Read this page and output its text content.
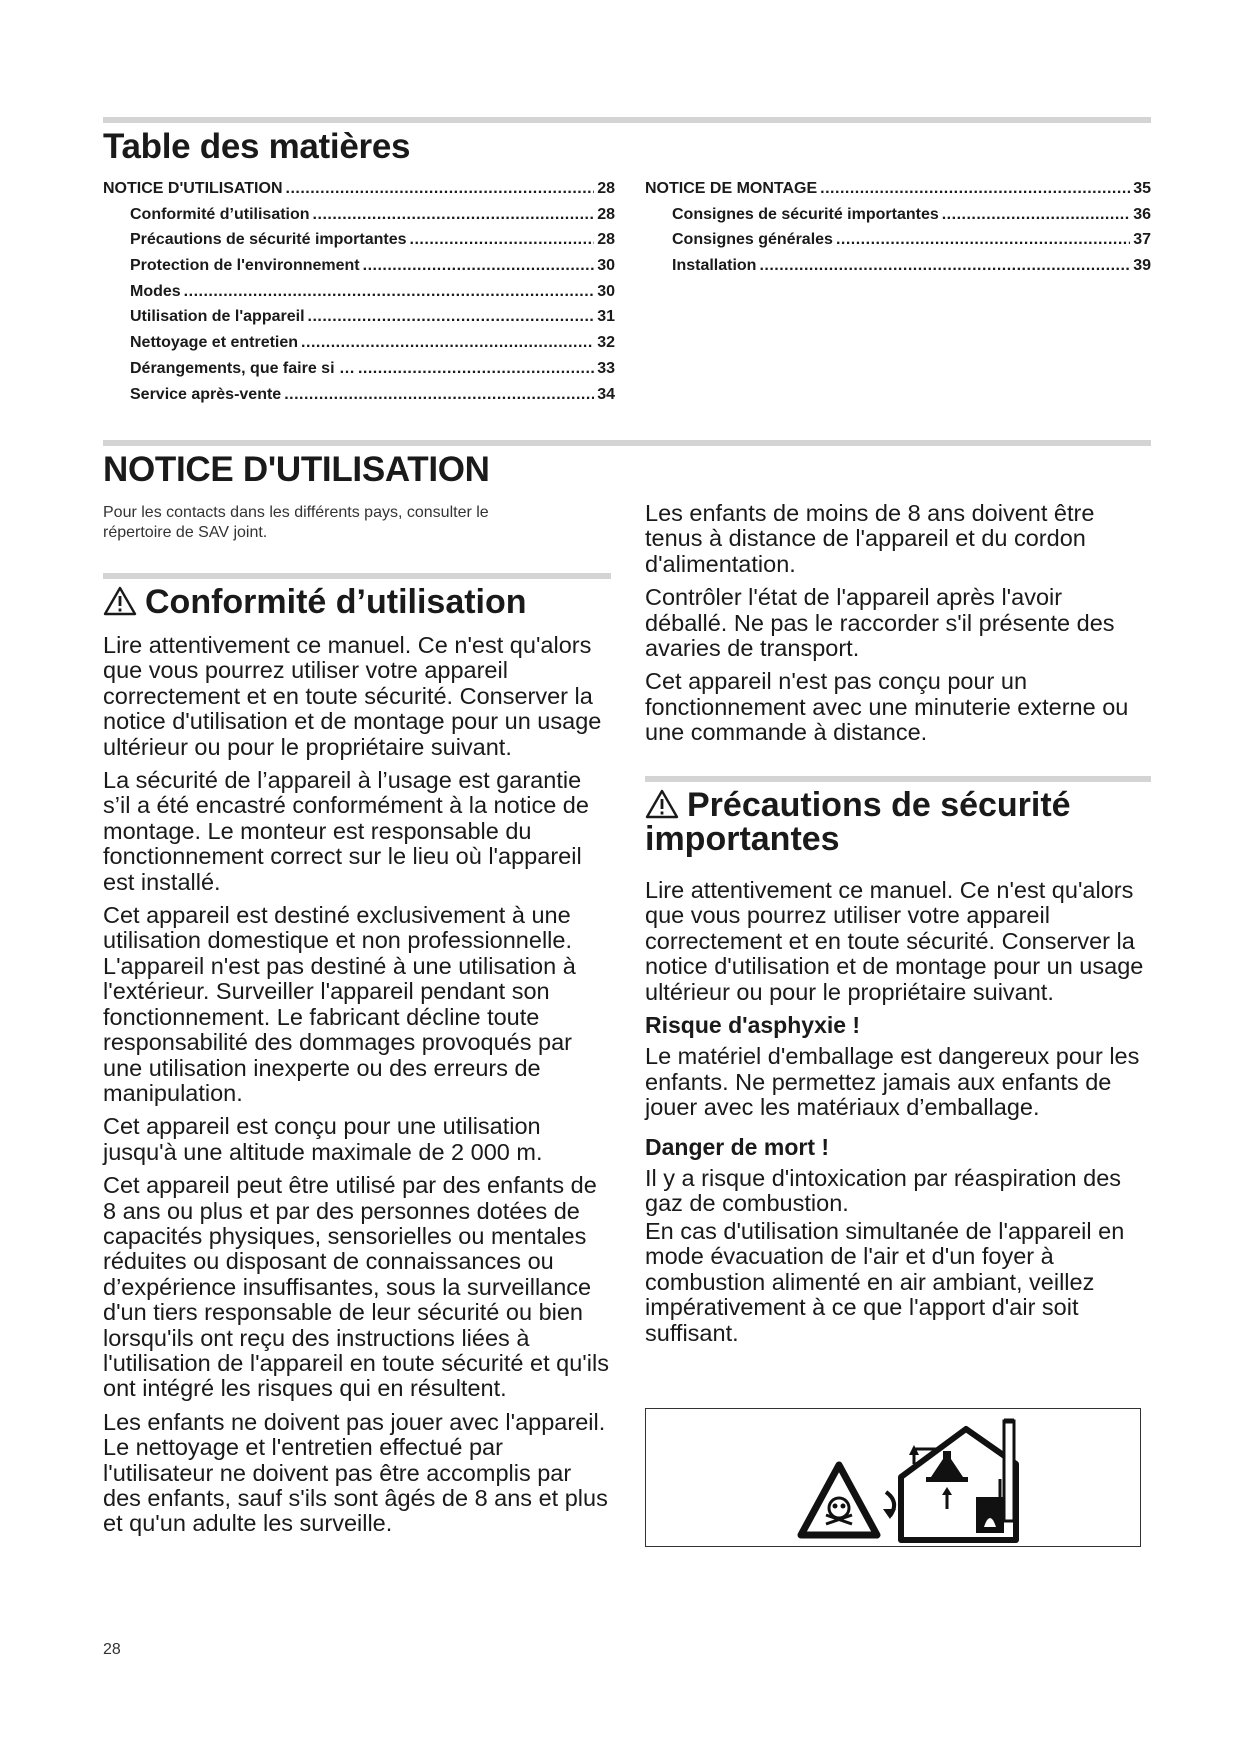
Table des matières
NOTICE D'UTILISATION .....	28
Conformité d’utilisation .....	28
Précautions de sécurité importantes .....	28
Protection de l'environnement .....	30
Modes .....	30
Utilisation de l'appareil .....	31
Nettoyage et entretien .....	32
Dérangements, que faire si … .....	33
Service après-vente .....	34
NOTICE DE MONTAGE .....	35
Consignes de sécurité importantes .....	36
Consignes générales .....	37
Installation .....	39
NOTICE D'UTILISATION
Pour les contacts dans les différents pays, consulter le répertoire de SAV joint.
Conformité d’utilisation

Lire attentivement ce manuel. Ce n'est qu'alors que vous pourrez utiliser votre appareil correctement et en toute sécurité. Conserver la notice d'utilisation et de montage pour un usage ultérieur ou pour le propriétaire suivant.

La sécurité de l’appareil à l’usage est garantie s’il a été encastré conformément à la notice de montage. Le monteur est responsable du fonctionnement correct sur le lieu où l'appareil est installé.

Cet appareil est destiné exclusivement à une utilisation domestique et non professionnelle. L'appareil n'est pas destiné à une utilisation à l'extérieur. Surveiller l'appareil pendant son fonctionnement. Le fabricant décline toute responsabilité des dommages provoqués par une utilisation inexperte ou des erreurs de manipulation.

Cet appareil est conçu pour une utilisation jusqu'à une altitude maximale de 2 000 m.

Cet appareil peut être utilisé par des enfants de 8 ans ou plus et par des personnes dotées de capacités physiques, sensorielles ou mentales réduites ou disposant de connaissances ou d’expérience insuffisantes, sous la surveillance d'un tiers responsable de leur sécurité ou bien lorsqu'ils ont reçu des instructions liées à l'utilisation de l'appareil en toute sécurité et qu'ils ont intégré les risques qui en résultent.

Les enfants ne doivent pas jouer avec l'appareil. Le nettoyage et l'entretien effectué par l'utilisateur ne doivent pas être accomplis par des enfants, sauf s'ils sont âgés de 8 ans et plus et qu'un adulte les surveille.

Les enfants de moins de 8 ans doivent être tenus à distance de l'appareil et du cordon d'alimentation.

Contrôler l'état de l'appareil après l'avoir déballé. Ne pas le raccorder s'il présente des avaries de transport.

Cet appareil n'est pas conçu pour un fonctionnement avec une minuterie externe ou une commande à distance.

Précautions de sécurité importantes

Lire attentivement ce manuel. Ce n'est qu'alors que vous pourrez utiliser votre appareil correctement et en toute sécurité. Conserver la notice d'utilisation et de montage pour un usage ultérieur ou pour le propriétaire suivant.

Risque d'asphyxie !

Le matériel d'emballage est dangereux pour les enfants. Ne permettez jamais aux enfants de jouer avec les matériaux d’emballage.

Danger de mort !

Il y a risque d'intoxication par réaspiration des gaz de combustion.

En cas d'utilisation simultanée de l'appareil en mode évacuation de l'air et d'un foyer à combustion alimenté en air ambiant, veillez impérativement à ce que l'apport d'air soit suffisant.

28
